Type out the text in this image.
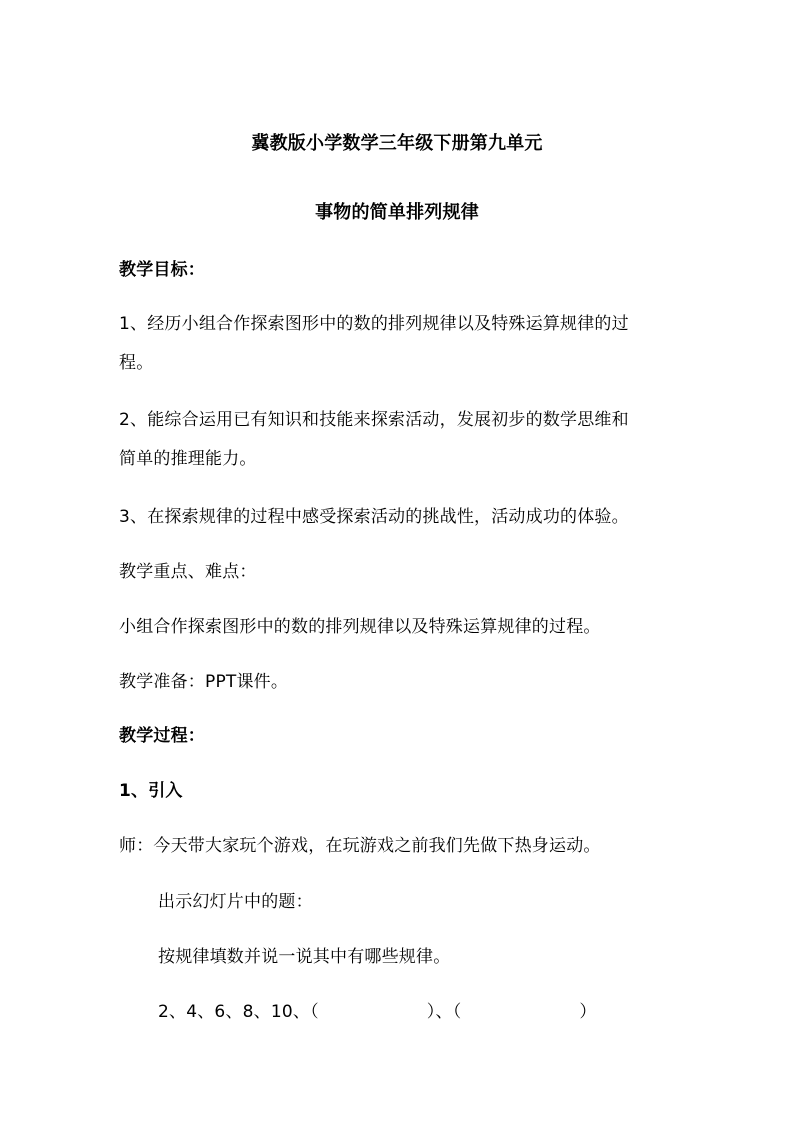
冀教版小学数学三年级下册第九单元
事物的简单排列规律
教学目标：
1、经历小组合作探索图形中的数的排列规律以及特殊运算规律的过
程。
2、能综合运用已有知识和技能来探索活动，发展初步的数学思维和
简单的推理能力。
3、在探索规律的过程中感受探索活动的挑战性，活动成功的体验。
教学重点、难点：
小组合作探索图形中的数的排列规律以及特殊运算规律的过程。
教学准备：PPT课件。
教学过程：
1、引入
师：今天带大家玩个游戏，在玩游戏之前我们先做下热身运动。
出示幻灯片中的题：
按规律填数并说一说其中有哪些规律。
2、4、6、8、10、（	）、（	）
